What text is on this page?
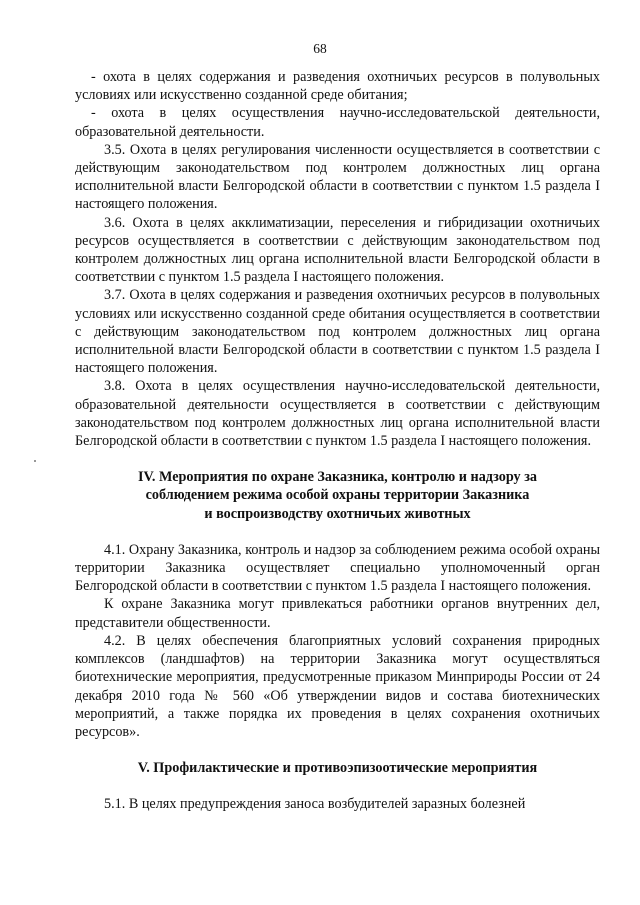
68

- охота в целях содержания и разведения охотничьих ресурсов в полувольных условиях или искусственно созданной среде обитания;

- охота в целях осуществления научно-исследовательской деятельности, образовательной деятельности.

3.5. Охота в целях регулирования численности осуществляется в соответствии с действующим законодательством под контролем должностных лиц органа исполнительной власти Белгородской области в соответствии с пунктом 1.5 раздела I настоящего положения.

3.6. Охота в целях акклиматизации, переселения и гибридизации охотничьих ресурсов осуществляется в соответствии с действующим законодательством под контролем должностных лиц органа исполнительной власти Белгородской области в соответствии с пунктом 1.5 раздела I настоящего положения.

3.7. Охота в целях содержания и разведения охотничьих ресурсов в полувольных условиях или искусственно созданной среде обитания осуществляется в соответствии с действующим законодательством под контролем должностных лиц органа исполнительной власти Белгородской области в соответствии с пунктом 1.5 раздела I настоящего положения.

3.8. Охота в целях осуществления научно-исследовательской деятельности, образовательной деятельности осуществляется в соответствии с действующим законодательством под контролем должностных лиц органа исполнительной власти Белгородской области в соответствии с пунктом 1.5 раздела I настоящего положения.

IV. Мероприятия по охране Заказника, контролю и надзору за
соблюдением режима особой охраны территории Заказника
и воспроизводству охотничьих животных

4.1. Охрану Заказника, контроль и надзор за соблюдением режима особой охраны территории Заказника осуществляет специально уполномоченный орган Белгородской области в соответствии с пунктом 1.5 раздела I настоящего положения.

К охране Заказника могут привлекаться работники органов внутренних дел, представители общественности.

4.2. В целях обеспечения благоприятных условий сохранения природных комплексов (ландшафтов) на территории Заказника могут осуществляться биотехнические мероприятия, предусмотренные приказом Минприроды России от 24 декабря 2010 года № 560 «Об утверждении видов и состава биотехнических мероприятий, а также порядка их проведения в целях сохранения охотничьих ресурсов».

V. Профилактические и противоэпизоотические мероприятия

5.1. В целях предупреждения заноса возбудителей заразных болезней
